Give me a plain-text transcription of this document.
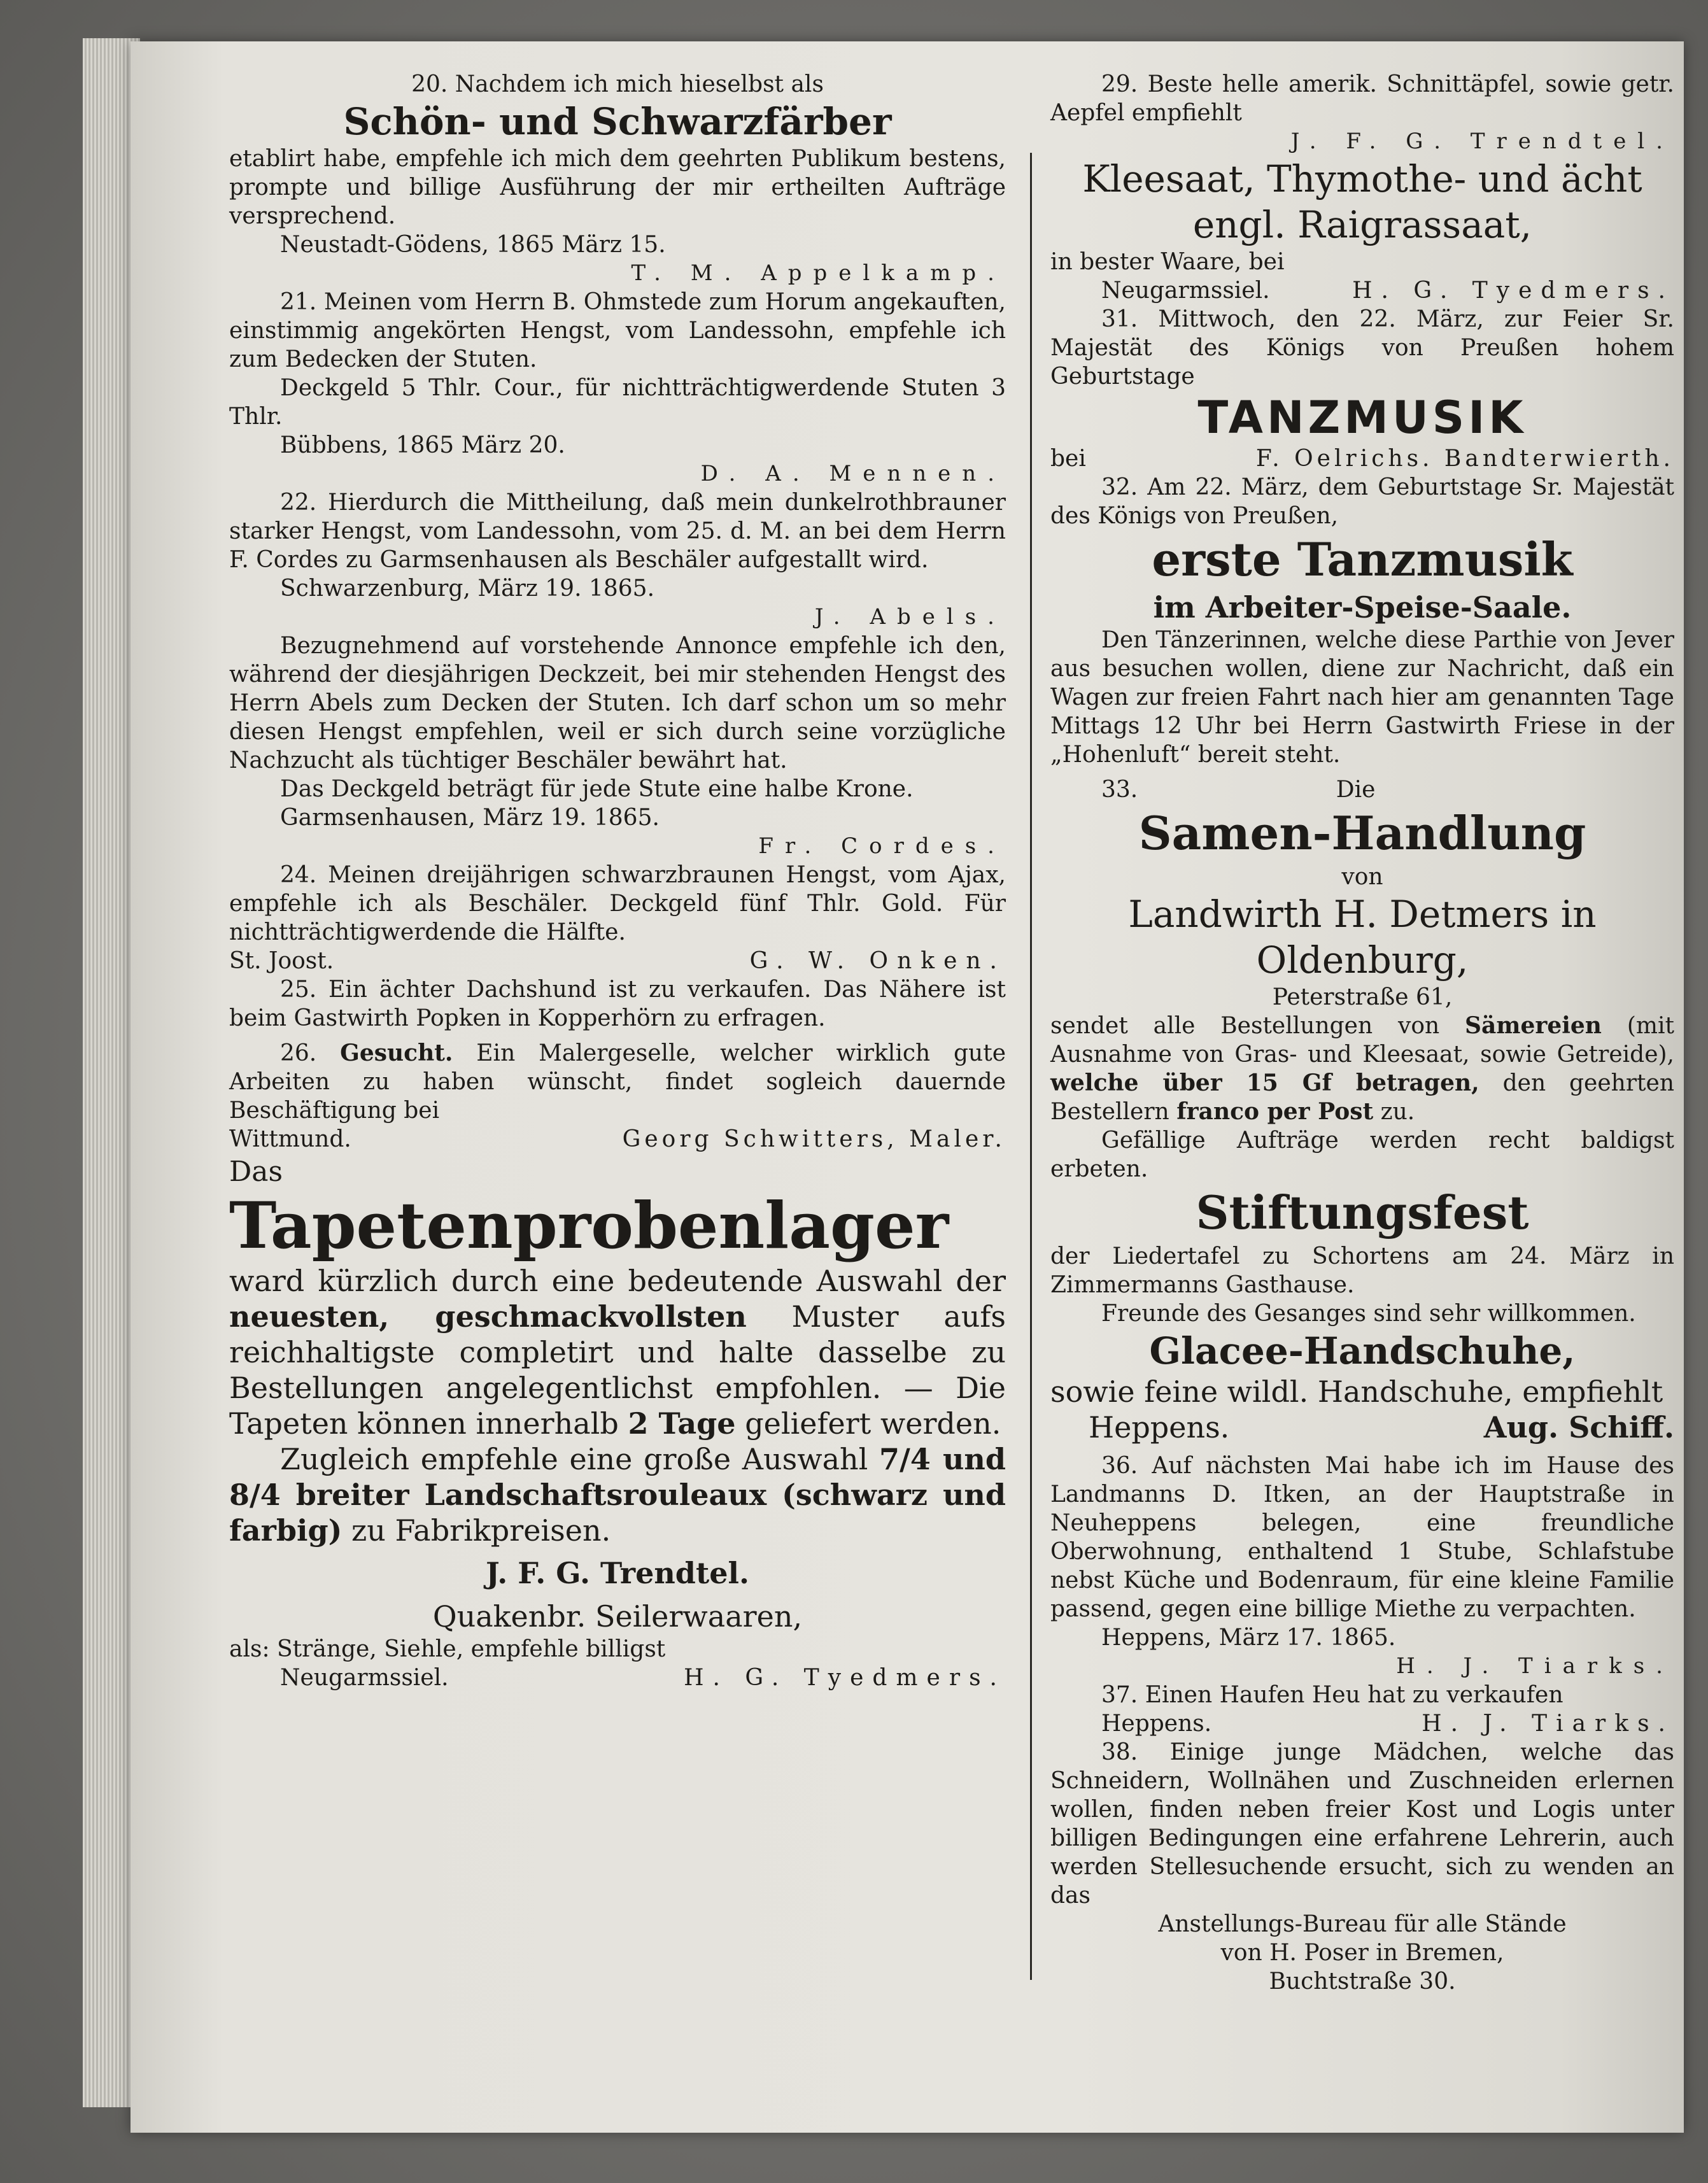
20. Nachdem ich mich hieselbst als

Schön- und Schwarzfärber

etablirt habe, empfehle ich mich dem geehrten Publikum bestens, prompte und billige Ausführung der mir ertheilten Aufträge versprechend.

Neustadt-Gödens, 1865 März 15.

T. M. Appelkamp.

21. Meinen vom Herrn B. Ohmstede zum Horum angekauften, einstimmig angekörten Hengst, vom Landessohn, empfehle ich zum Bedecken der Stuten.

Deckgeld 5 Thlr. Cour., für nichtträchtigwerdende Stuten 3 Thlr.

Bübbens, 1865 März 20.

D. A. Mennen.

22. Hierdurch die Mittheilung, daß mein dunkelrothbrauner starker Hengst, vom Landessohn, vom 25. d. M. an bei dem Herrn F. Cordes zu Garmsenhausen als Beschäler aufgestallt wird.

Schwarzenburg, März 19. 1865.

J. Abels.

Bezugnehmend auf vorstehende Annonce empfehle ich den, während der diesjährigen Deckzeit, bei mir stehenden Hengst des Herrn Abels zum Decken der Stuten. Ich darf schon um so mehr diesen Hengst empfehlen, weil er sich durch seine vorzügliche Nachzucht als tüchtiger Beschäler bewährt hat.

Das Deckgeld beträgt für jede Stute eine halbe Krone.

Garmsenhausen, März 19. 1865.

Fr. Cordes.

24. Meinen dreijährigen schwarzbraunen Hengst, vom Ajax, empfehle ich als Beschäler. Deckgeld fünf Thlr. Gold. Für nichtträchtigwerdende die Hälfte.

St. Joost.	G. W. Onken.

25. Ein ächter Dachshund ist zu verkaufen. Das Nähere ist beim Gastwirth Popken in Kopperhörn zu erfragen.

26. Gesucht. Ein Malergeselle, welcher wirklich gute Arbeiten zu haben wünscht, findet sogleich dauernde Beschäftigung bei

Wittmund.	Georg Schwitters, Maler.

Das

Tapetenprobenlager

ward kürzlich durch eine bedeutende Auswahl der neuesten, geschmackvollsten Muster aufs reichhaltigste completirt und halte dasselbe zu Bestellungen angelegentlichst empfohlen. — Die Tapeten können innerhalb 2 Tage geliefert werden.

Zugleich empfehle eine große Auswahl 7/4 und 8/4 breiter Landschaftsrouleaux (schwarz und farbig) zu Fabrikpreisen.

J. F. G. Trendtel.

Quakenbr. Seilerwaaren,

als: Stränge, Siehle, empfehle billigst

Neugarmssiel.	H. G. Tyedmers.

29. Beste helle amerik. Schnittäpfel, sowie getr. Aepfel empfiehlt

J. F. G. Trendtel.

Kleesaat, Thymothe- und ächt engl. Raigrassaat,

in bester Waare, bei

Neugarmssiel.	H. G. Tyedmers.

31. Mittwoch, den 22. März, zur Feier Sr. Majestät des Königs von Preußen hohem Geburtstage

TANZMUSIK

bei	F. Oelrichs. Bandterwierth.

32. Am 22. März, dem Geburtstage Sr. Majestät des Königs von Preußen,

erste Tanzmusik

im Arbeiter-Speise-Saale.

Den Tänzerinnen, welche diese Parthie von Jever aus besuchen wollen, diene zur Nachricht, daß ein Wagen zur freien Fahrt nach hier am genannten Tage Mittags 12 Uhr bei Herrn Gastwirth Friese in der „Hohenluft“ bereit steht.

33.	Die

Samen-Handlung

von

Landwirth H. Detmers in Oldenburg,

Peterstraße 61,

sendet alle Bestellungen von Sämereien (mit Ausnahme von Gras- und Kleesaat, sowie Getreide), welche über 15 Gf betragen, den geehrten Bestellern franco per Post zu.

Gefällige Aufträge werden recht baldigst erbeten.

Stiftungsfest

der Liedertafel zu Schortens am 24. März in Zimmermanns Gasthause.

Freunde des Gesanges sind sehr willkommen.

Glacee-Handschuhe,

sowie feine wildl. Handschuhe, empfiehlt

Heppens.	Aug. Schiff.

36. Auf nächsten Mai habe ich im Hause des Landmanns D. Itken, an der Hauptstraße in Neuheppens belegen, eine freundliche Oberwohnung, enthaltend 1 Stube, Schlafstube nebst Küche und Bodenraum, für eine kleine Familie passend, gegen eine billige Miethe zu verpachten.

Heppens, März 17. 1865.

H. J. Tiarks.

37. Einen Haufen Heu hat zu verkaufen

Heppens.	H. J. Tiarks.

38. Einige junge Mädchen, welche das Schneidern, Wollnähen und Zuschneiden erlernen wollen, finden neben freier Kost und Logis unter billigen Bedingungen eine erfahrene Lehrerin, auch werden Stellesuchende ersucht, sich zu wenden an das

Anstellungs-Bureau für alle Stände

von H. Poser in Bremen,

Buchtstraße 30.
